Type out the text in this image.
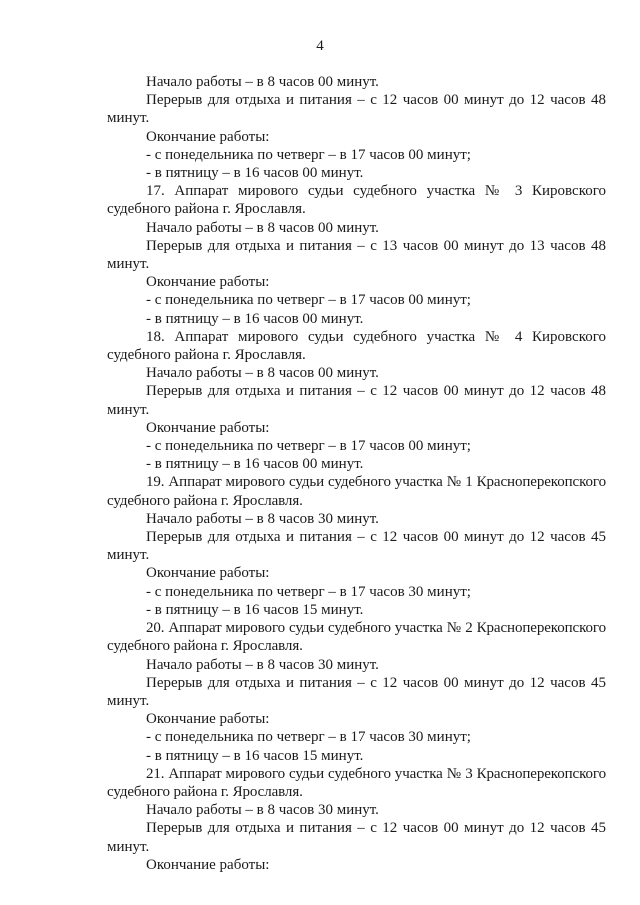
4

Начало работы – в 8 часов 00 минут.

Перерыв для отдыха и питания – с 12 часов 00 минут до 12 часов 48 минут.

Окончание работы:

- с понедельника по четверг – в 17 часов 00 минут;

- в пятницу – в 16 часов 00 минут.

17. Аппарат мирового судьи судебного участка № 3 Кировского судебного района г. Ярославля.

Начало работы – в 8 часов 00 минут.

Перерыв для отдыха и питания – с 13 часов 00 минут до 13 часов 48 минут.

Окончание работы:

- с понедельника по четверг – в 17 часов 00 минут;

- в пятницу – в 16 часов 00 минут.

18. Аппарат мирового судьи судебного участка № 4 Кировского судебного района г. Ярославля.

Начало работы – в 8 часов 00 минут.

Перерыв для отдыха и питания – с 12 часов 00 минут до 12 часов 48 минут.

Окончание работы:

- с понедельника по четверг – в 17 часов 00 минут;

- в пятницу – в 16 часов 00 минут.

19. Аппарат мирового судьи судебного участка № 1 Красноперекопского судебного района г. Ярославля.

Начало работы – в 8 часов 30 минут.

Перерыв для отдыха и питания – с 12 часов 00 минут до 12 часов 45 минут.

Окончание работы:

- с понедельника по четверг – в 17 часов 30 минут;

- в пятницу – в 16 часов 15 минут.

20. Аппарат мирового судьи судебного участка № 2 Красноперекопского судебного района г. Ярославля.

Начало работы – в 8 часов 30 минут.

Перерыв для отдыха и питания – с 12 часов 00 минут до 12 часов 45 минут.

Окончание работы:

- с понедельника по четверг – в 17 часов 30 минут;

- в пятницу – в 16 часов 15 минут.

21. Аппарат мирового судьи судебного участка № 3 Красноперекопского судебного района г. Ярославля.

Начало работы – в 8 часов 30 минут.

Перерыв для отдыха и питания – с 12 часов 00 минут до 12 часов 45 минут.

Окончание работы:
